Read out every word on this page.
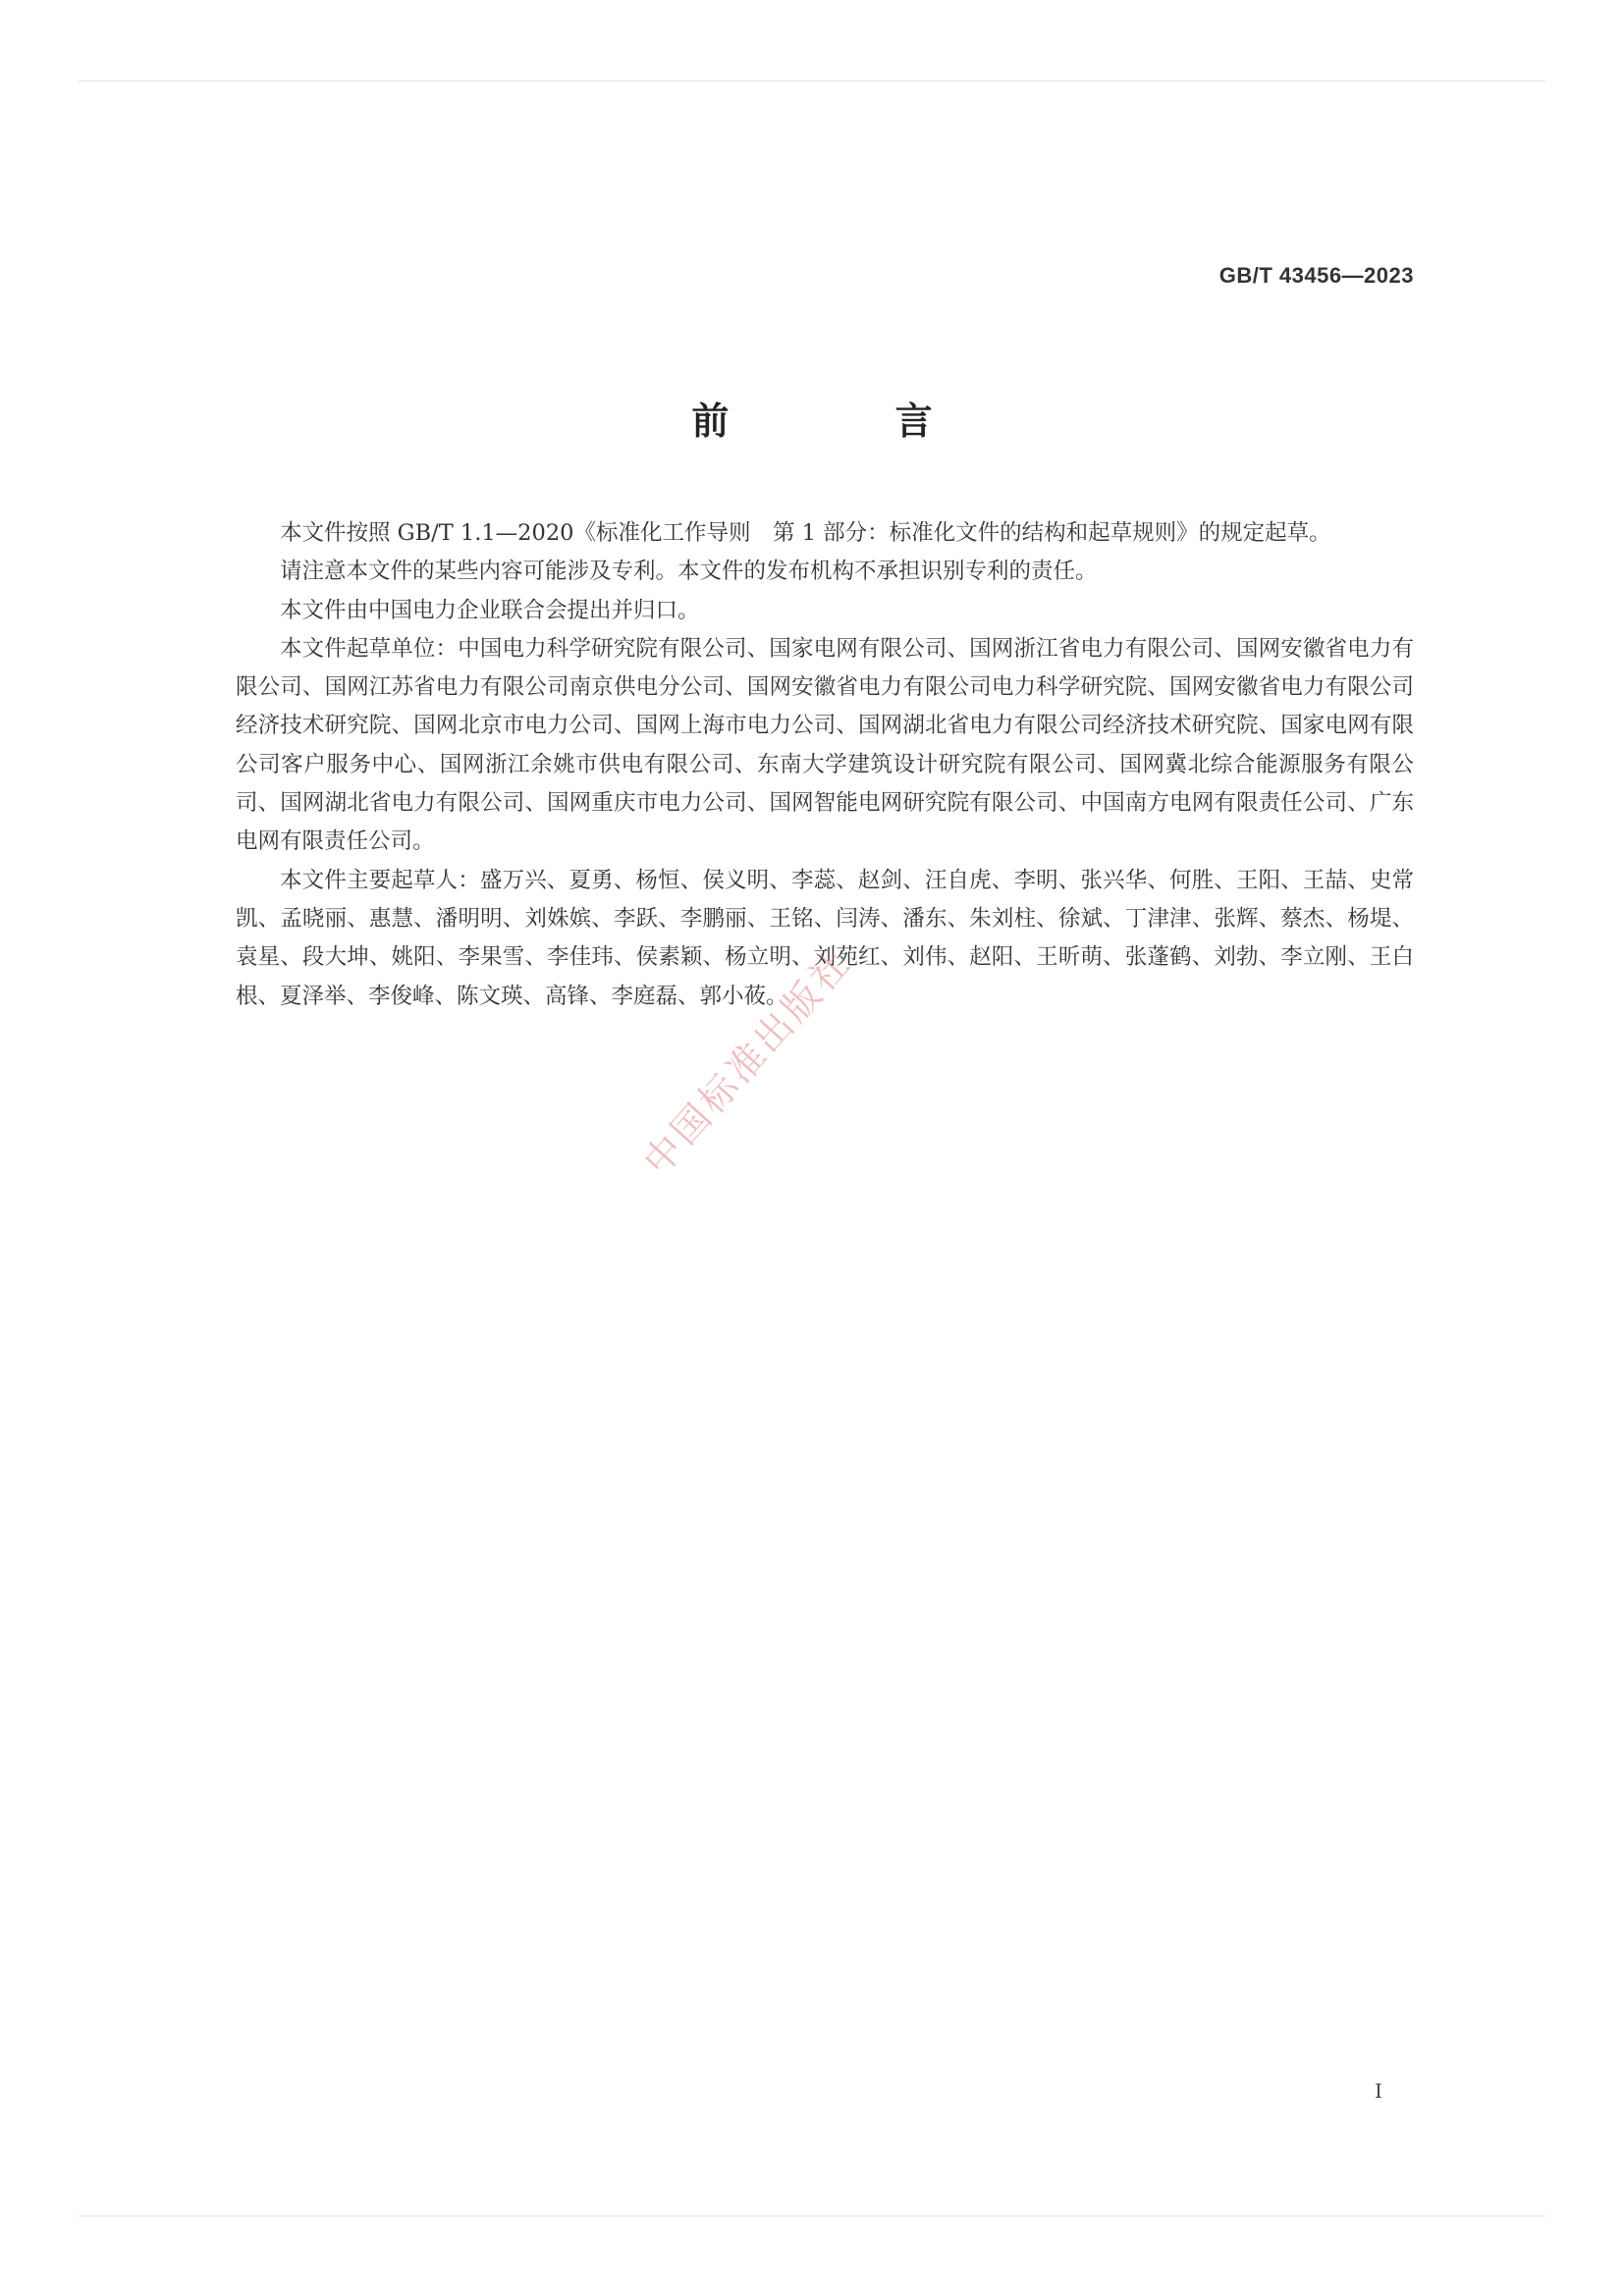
GB/T 43456—2023
前 言

本文件按照 GB/T 1.1—2020《标准化工作导则　第 1 部分：标准化文件的结构和起草规则》的规定起草。

请注意本文件的某些内容可能涉及专利。本文件的发布机构不承担识别专利的责任。

本文件由中国电力企业联合会提出并归口。

本文件起草单位：中国电力科学研究院有限公司、国家电网有限公司、国网浙江省电力有限公司、国网安徽省电力有限公司、国网江苏省电力有限公司南京供电分公司、国网安徽省电力有限公司电力科学研究院、国网安徽省电力有限公司经济技术研究院、国网北京市电力公司、国网上海市电力公司、国网湖北省电力有限公司经济技术研究院、国家电网有限公司客户服务中心、国网浙江余姚市供电有限公司、东南大学建筑设计研究院有限公司、国网冀北综合能源服务有限公司、国网湖北省电力有限公司、国网重庆市电力公司、国网智能电网研究院有限公司、中国南方电网有限责任公司、广东电网有限责任公司。

本文件主要起草人：盛万兴、夏勇、杨恒、侯义明、李蕊、赵剑、汪自虎、李明、张兴华、何胜、王阳、王喆、史常凯、孟晓丽、惠慧、潘明明、刘姝嫔、李跃、李鹏丽、王铭、闫涛、潘东、朱刘柱、徐斌、丁津津、张辉、蔡杰、杨堤、袁星、段大坤、姚阳、李果雪、李佳玮、侯素颖、杨立明、刘苑红、刘伟、赵阳、王昕萌、张蓬鹤、刘勃、李立刚、王白根、夏泽举、李俊峰、陈文瑛、高锋、李庭磊、郭小莜。

中国标准出版社
I
